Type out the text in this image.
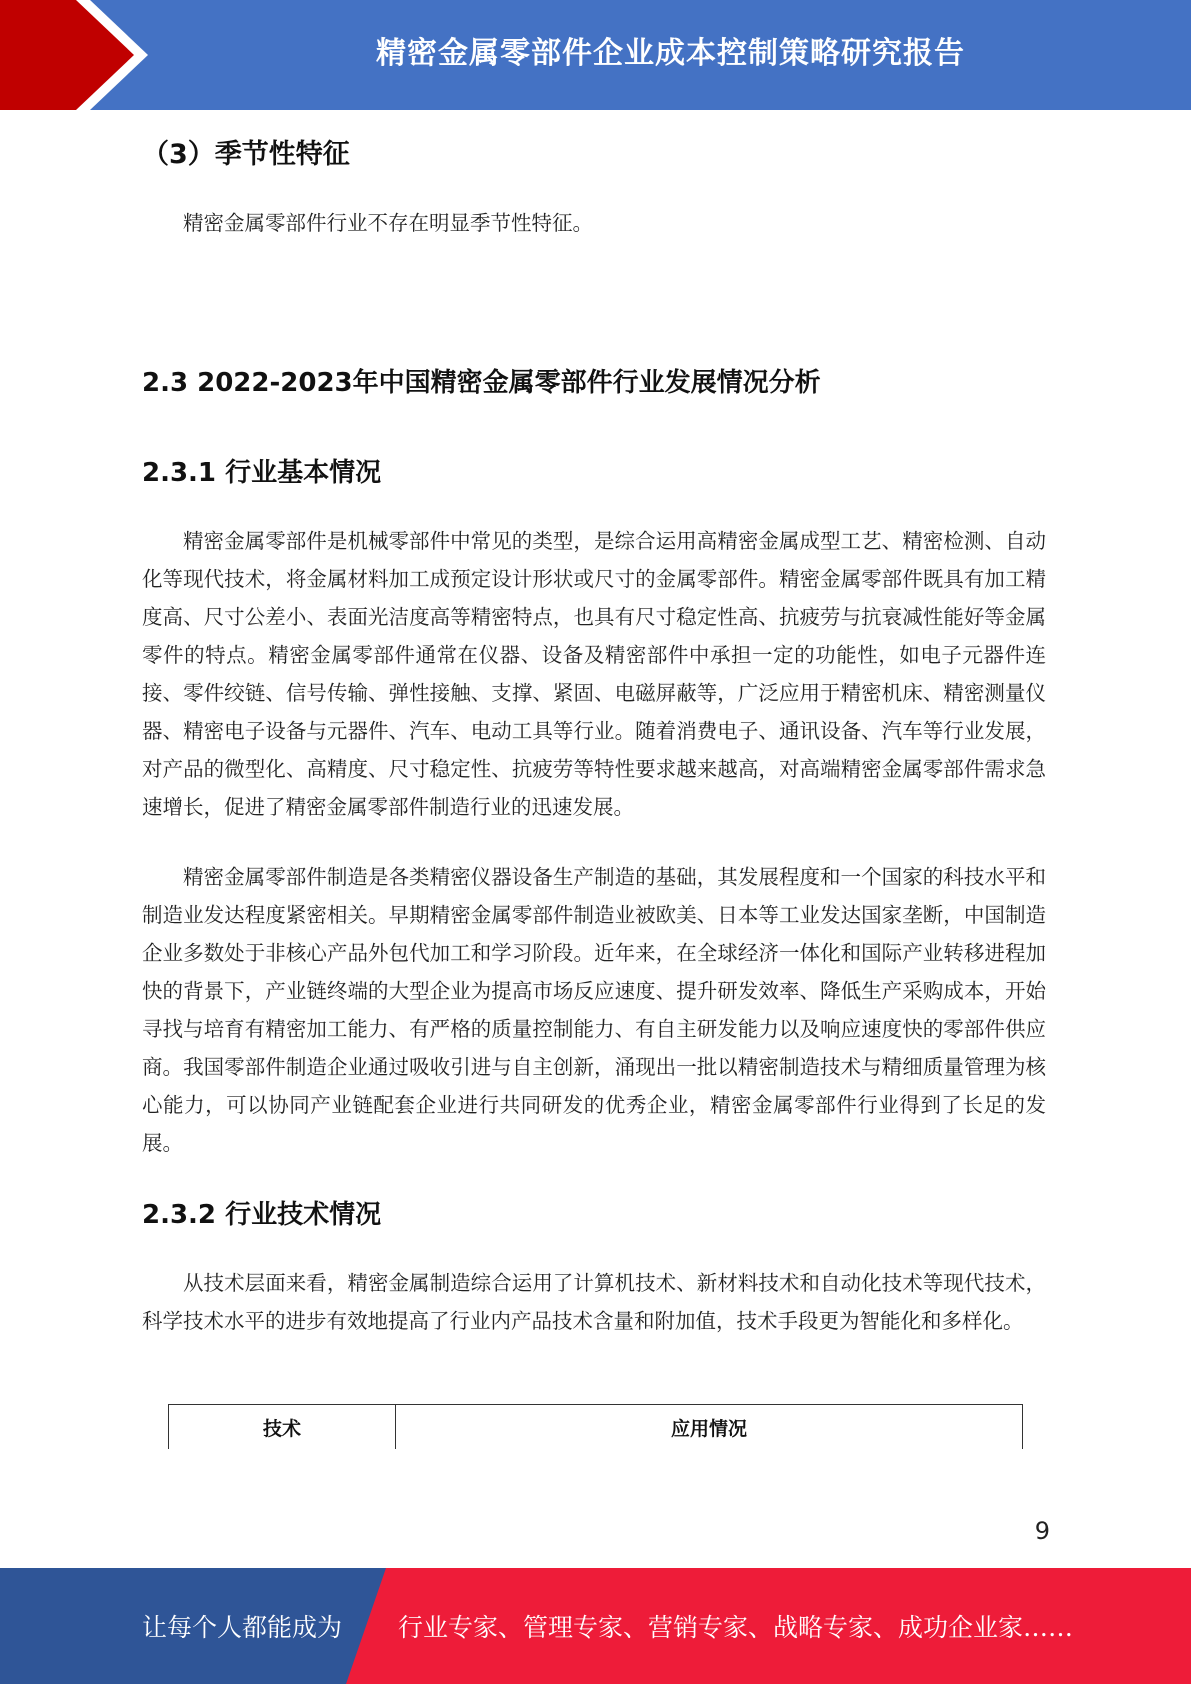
精密金属零部件企业成本控制策略研究报告
（3）季节性特征

精密金属零部件行业不存在明显季节性特征。

2.3 2022-2023年中国精密金属零部件行业发展情况分析
2.3.1 行业基本情况

精密金属零部件是机械零部件中常见的类型，是综合运用高精密金属成型工艺、精密检测、自动化等现代技术，将金属材料加工成预定设计形状或尺寸的金属零部件。精密金属零部件既具有加工精度高、尺寸公差小、表面光洁度高等精密特点，也具有尺寸稳定性高、抗疲劳与抗衰减性能好等金属零件的特点。精密金属零部件通常在仪器、设备及精密部件中承担一定的功能性，如电子元器件连接、零件绞链、信号传输、弹性接触、支撑、紧固、电磁屏蔽等，广泛应用于精密机床、精密测量仪器、精密电子设备与元器件、汽车、电动工具等行业。随着消费电子、通讯设备、汽车等行业发展，对产品的微型化、高精度、尺寸稳定性、抗疲劳等特性要求越来越高，对高端精密金属零部件需求急速增长，促进了精密金属零部件制造行业的迅速发展。

精密金属零部件制造是各类精密仪器设备生产制造的基础，其发展程度和一个国家的科技水平和制造业发达程度紧密相关。早期精密金属零部件制造业被欧美、日本等工业发达国家垄断，中国制造企业多数处于非核心产品外包代加工和学习阶段。近年来，在全球经济一体化和国际产业转移进程加快的背景下，产业链终端的大型企业为提高市场反应速度、提升研发效率、降低生产采购成本，开始寻找与培育有精密加工能力、有严格的质量控制能力、有自主研发能力以及响应速度快的零部件供应商。我国零部件制造企业通过吸收引进与自主创新，涌现出一批以精密制造技术与精细质量管理为核心能力，可以协同产业链配套企业进行共同研发的优秀企业，精密金属零部件行业得到了长足的发展。

2.3.2 行业技术情况

从技术层面来看，精密金属制造综合运用了计算机技术、新材料技术和自动化技术等现代技术，科学技术水平的进步有效地提高了行业内产品技术含量和附加值，技术手段更为智能化和多样化。

技术	应用情况
9
让每个人都能成为 行业专家、管理专家、营销专家、战略专家、成功企业家……
